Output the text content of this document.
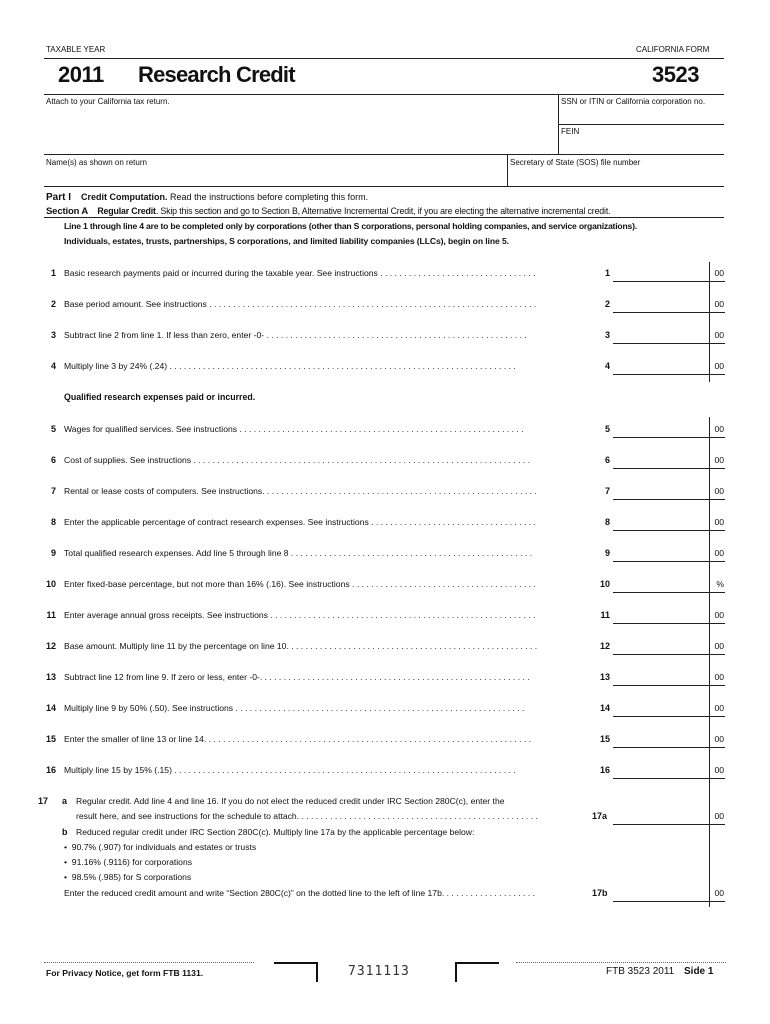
TAXABLE YEAR	CALIFORNIA FORM
2011 Research Credit	3523
Attach to your California tax return.	SSN or ITIN or California corporation no.
FEIN
Name(s) as shown on return	Secretary of State (SOS) file number
Part I Credit Computation. Read the instructions before completing this form.
Section A Regular Credit. Skip this section and go to Section B, Alternative Incremental Credit, if you are electing the alternative incremental credit.
Line 1 through line 4 are to be completed only by corporations (other than S corporations, personal holding companies, and service organizations).
Individuals, estates, trusts, partnerships, S corporations, and limited liability companies (LLCs), begin on line 5.
Qualified research expenses paid or incurred.
1 Basic research payments paid or incurred during the taxable year. See instructions . . . . . . . . . . . . . . . . . . . . . . . . . . . . . . . . .	1	00
2 Base period amount. See instructions . . . . . . . . . . . . . . . . . . . . . . . . . . . . . . . . . . . . . . . . . . . . . . . . . . . . . . . . . . . . . . . . . . . . .	2	00
3 Subtract line 2 from line 1. If less than zero, enter -0- . . . . . . . . . . . . . . . . . . . . . . . . . . . . . . . . . . . . . . . . . . . . . . . . . . . . . . .	3	00
4 Multiply line 3 by 24% (.24) . . . . . . . . . . . . . . . . . . . . . . . . . . . . . . . . . . . . . . . . . . . . . . . . . . . . . . . . . . . . . . . . . . . . . . . . .	4	00
5 Wages for qualified services. See instructions . . . . . . . . . . . . . . . . . . . . . . . . . . . . . . . . . . . . . . . . . . . . . . . . . . . . . . . . . . . .	5	00
6 Cost of supplies. See instructions . . . . . . . . . . . . . . . . . . . . . . . . . . . . . . . . . . . . . . . . . . . . . . . . . . . . . . . . . . . . . . . . . . . . . . .	6	00
7 Rental or lease costs of computers. See instructions. . . . . . . . . . . . . . . . . . . . . . . . . . . . . . . . . . . . . . . . . . . . . . . . . . . . . . . . . .	7	00
8 Enter the applicable percentage of contract research expenses. See instructions . . . . . . . . . . . . . . . . . . . . . . . . . . . . . . . . . . .	8	00
9 Total qualified research expenses. Add line 5 through line 8 . . . . . . . . . . . . . . . . . . . . . . . . . . . . . . . . . . . . . . . . . . . . . . . . . . .	9	00
10 Enter fixed-base percentage, but not more than 16% (.16). See instructions . . . . . . . . . . . . . . . . . . . . . . . . . . . . . . . . . . . . . . .	10	%
11 Enter average annual gross receipts. See instructions . . . . . . . . . . . . . . . . . . . . . . . . . . . . . . . . . . . . . . . . . . . . . . . . . . . . . . . .	11	00
12 Base amount. Multiply line 11 by the percentage on line 10. . . . . . . . . . . . . . . . . . . . . . . . . . . . . . . . . . . . . . . . . . . . . . . . . . . . .	12	00
13 Subtract line 12 from line 9. If zero or less, enter -0-. . . . . . . . . . . . . . . . . . . . . . . . . . . . . . . . . . . . . . . . . . . . . . . . . . . . . . . . .	13	00
14 Multiply line 9 by 50% (.50). See instructions . . . . . . . . . . . . . . . . . . . . . . . . . . . . . . . . . . . . . . . . . . . . . . . . . . . . . . . . . . . . .	14	00
15 Enter the smaller of line 13 or line 14. . . . . . . . . . . . . . . . . . . . . . . . . . . . . . . . . . . . . . . . . . . . . . . . . . . . . . . . . . . . . . . . . . . . .	15	00
16 Multiply line 15 by 15% (.15) . . . . . . . . . . . . . . . . . . . . . . . . . . . . . . . . . . . . . . . . . . . . . . . . . . . . . . . . . . . . . . . . . . . . . . . .	16	00
17 a Regular credit. Add line 4 and line 16. If you do not elect the reduced credit under IRC Section 280C(c), enter the
result here, and see instructions for the schedule to attach. . . . . . . . . . . . . . . . . . . . . . . . . . . . . . . . . . . . . . . . . . . . . . . . . . .	17a	00
b Reduced regular credit under IRC Section 280C(c). Multiply line 17a by the applicable percentage below:
•  90.7% (.907) for individuals and estates or trusts
•  91.16% (.9116) for corporations
•  98.5% (.985) for S corporations
Enter the reduced credit amount and write “Section 280C(c)” on the dotted line to the left of line 17b. . . . . . . . . . . . . . . . . . . .	17b	00
For Privacy Notice, get form FTB 1131.	7311113	FTB 3523 2011 Side 1
